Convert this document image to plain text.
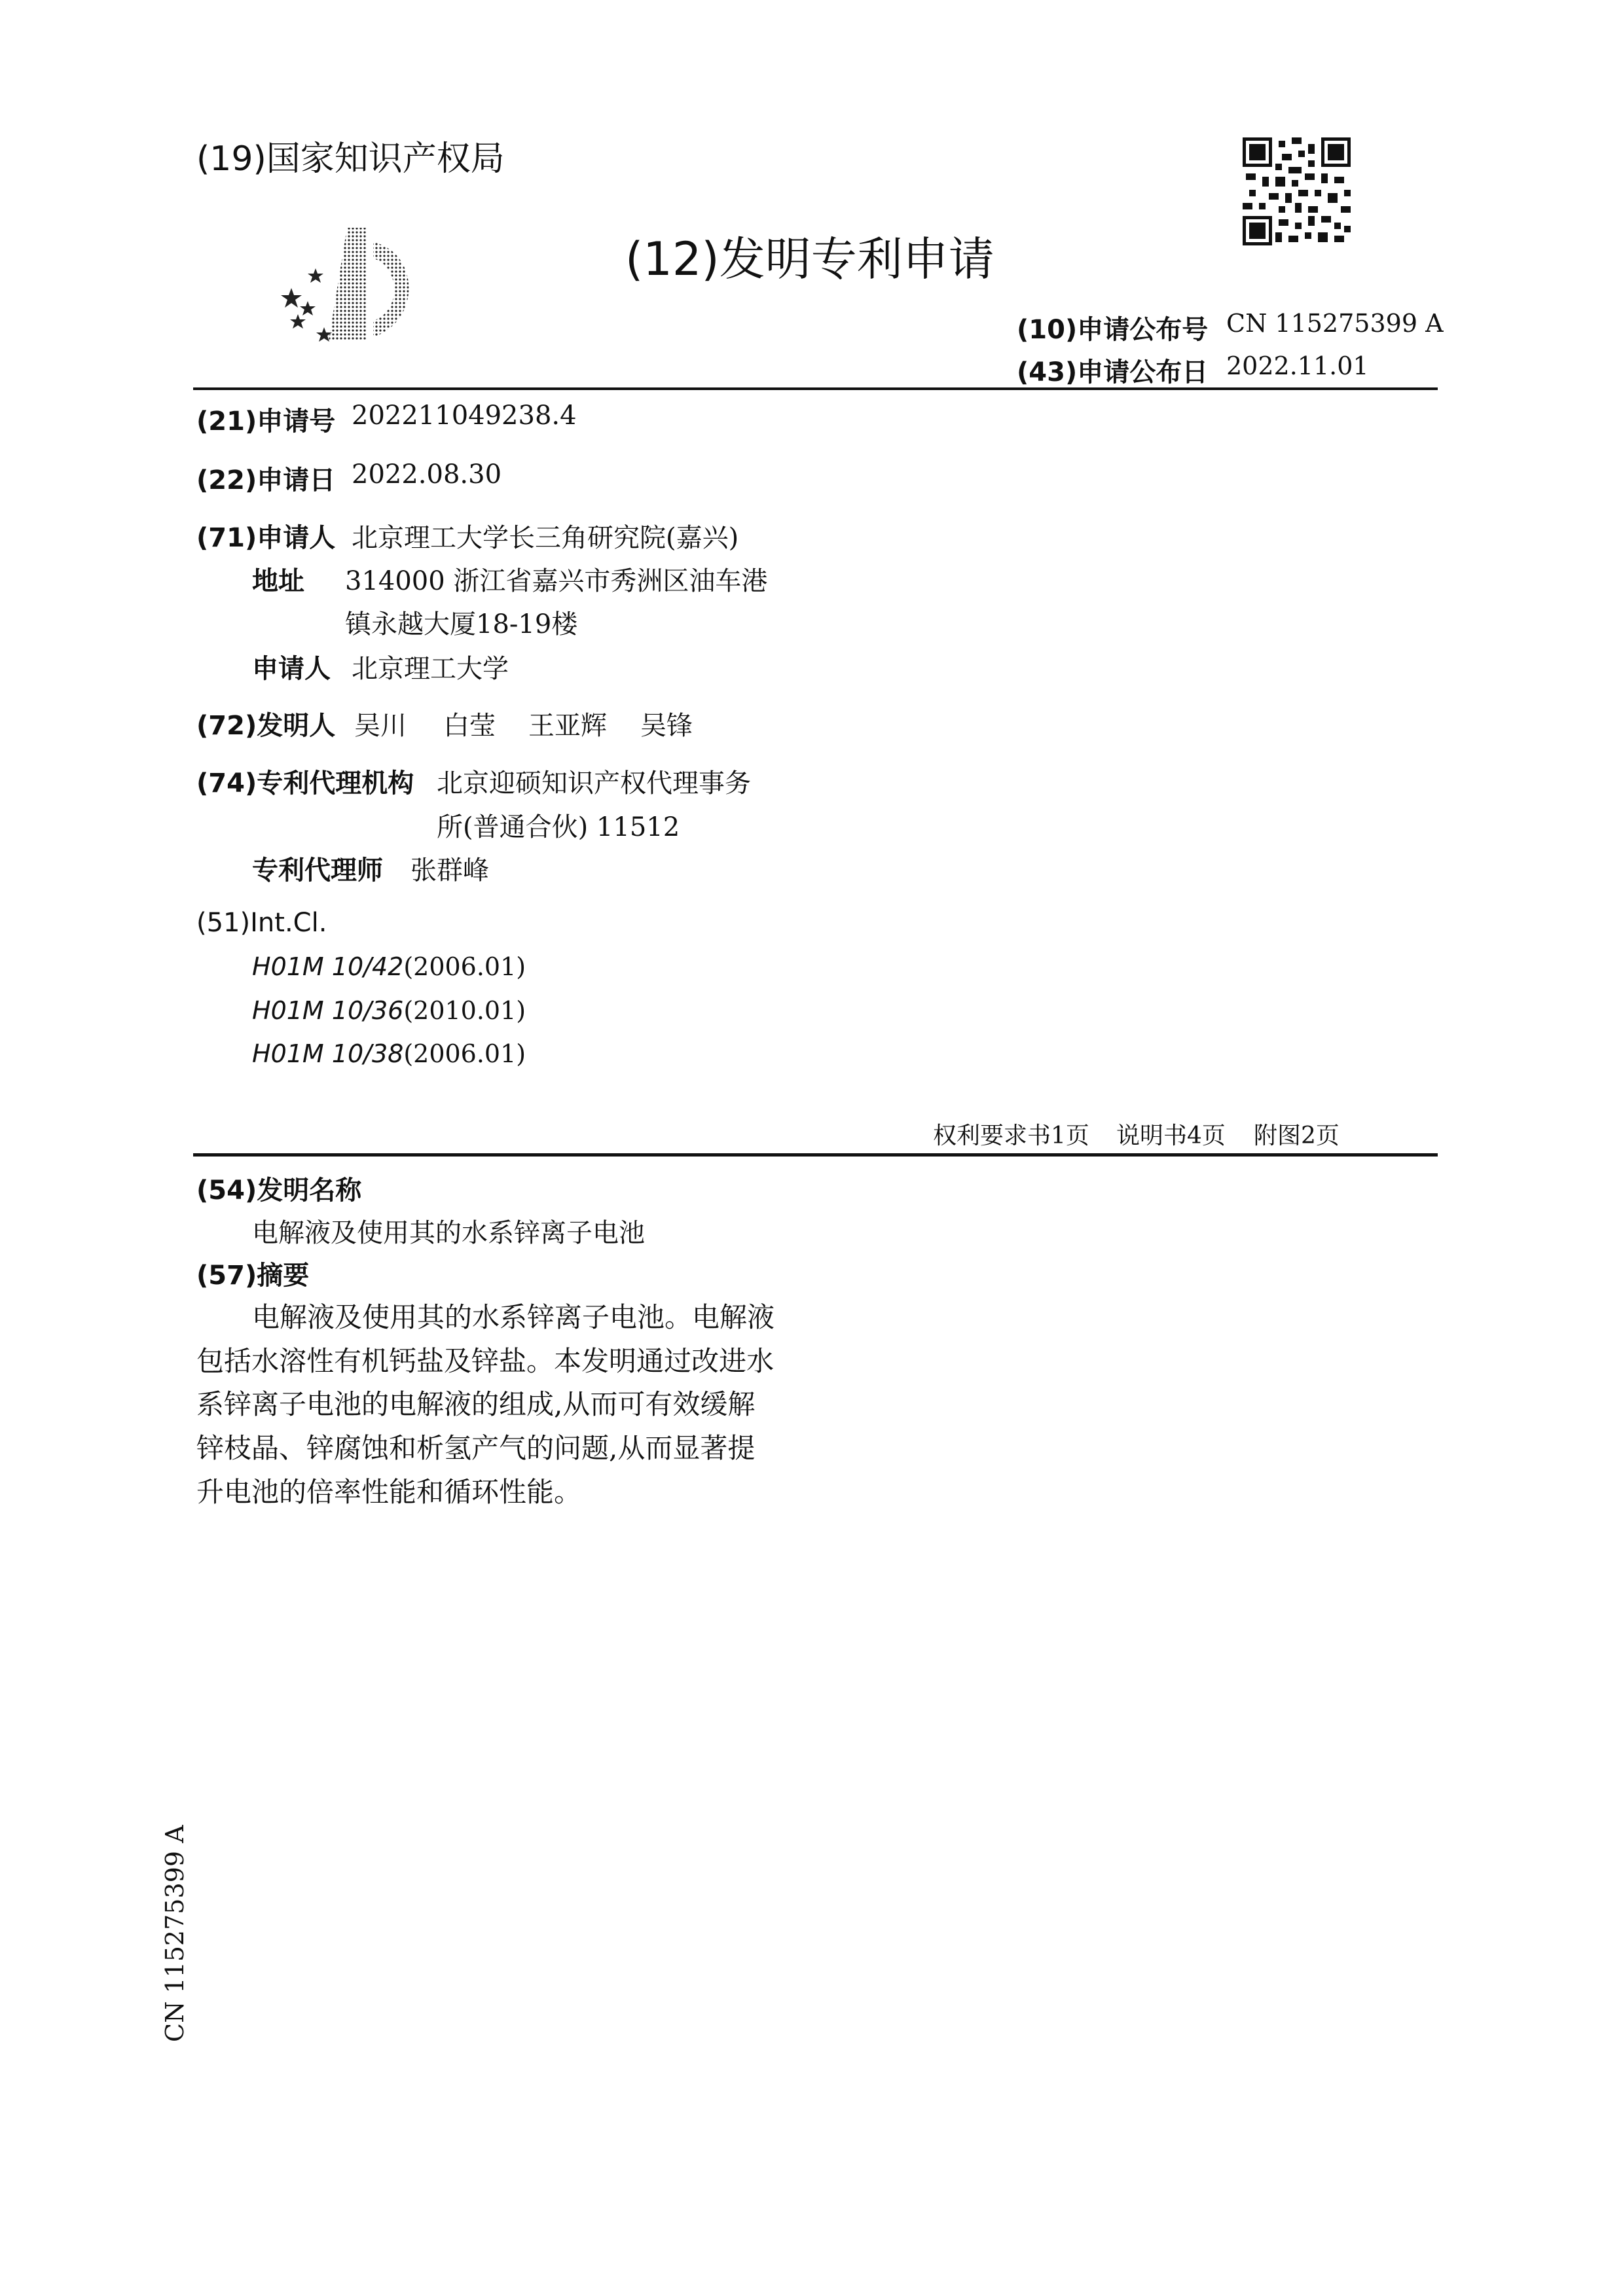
(19)国家知识产权局
(12)发明专利申请
(10)申请公布号 CN 115275399 A
(43)申请公布日 2022.11.01
(21)申请号 202211049238.4
(22)申请日 2022.08.30
(71)申请人 北京理工大学长三角研究院(嘉兴)
地址 314000 浙江省嘉兴市秀洲区油车港
镇永越大厦18-19楼
申请人 北京理工大学
(72)发明人 吴川 白莹 王亚辉 吴锋
(74)专利代理机构 北京迎硕知识产权代理事务
所(普通合伙) 11512
专利代理师 张群峰
(51)Int.Cl.
H01M 10/42(2006.01)
H01M 10/36(2010.01)
H01M 10/38(2006.01)
权利要求书1页 说明书4页 附图2页
(54)发明名称
电解液及使用其的水系锌离子电池
(57)摘要
电解液及使用其的水系锌离子电池。电解液
包括水溶性有机钙盐及锌盐。本发明通过改进水
系锌离子电池的电解液的组成,从而可有效缓解
锌枝晶、锌腐蚀和析氢产气的问题,从而显著提
升电池的倍率性能和循环性能。
CN 115275399 A
